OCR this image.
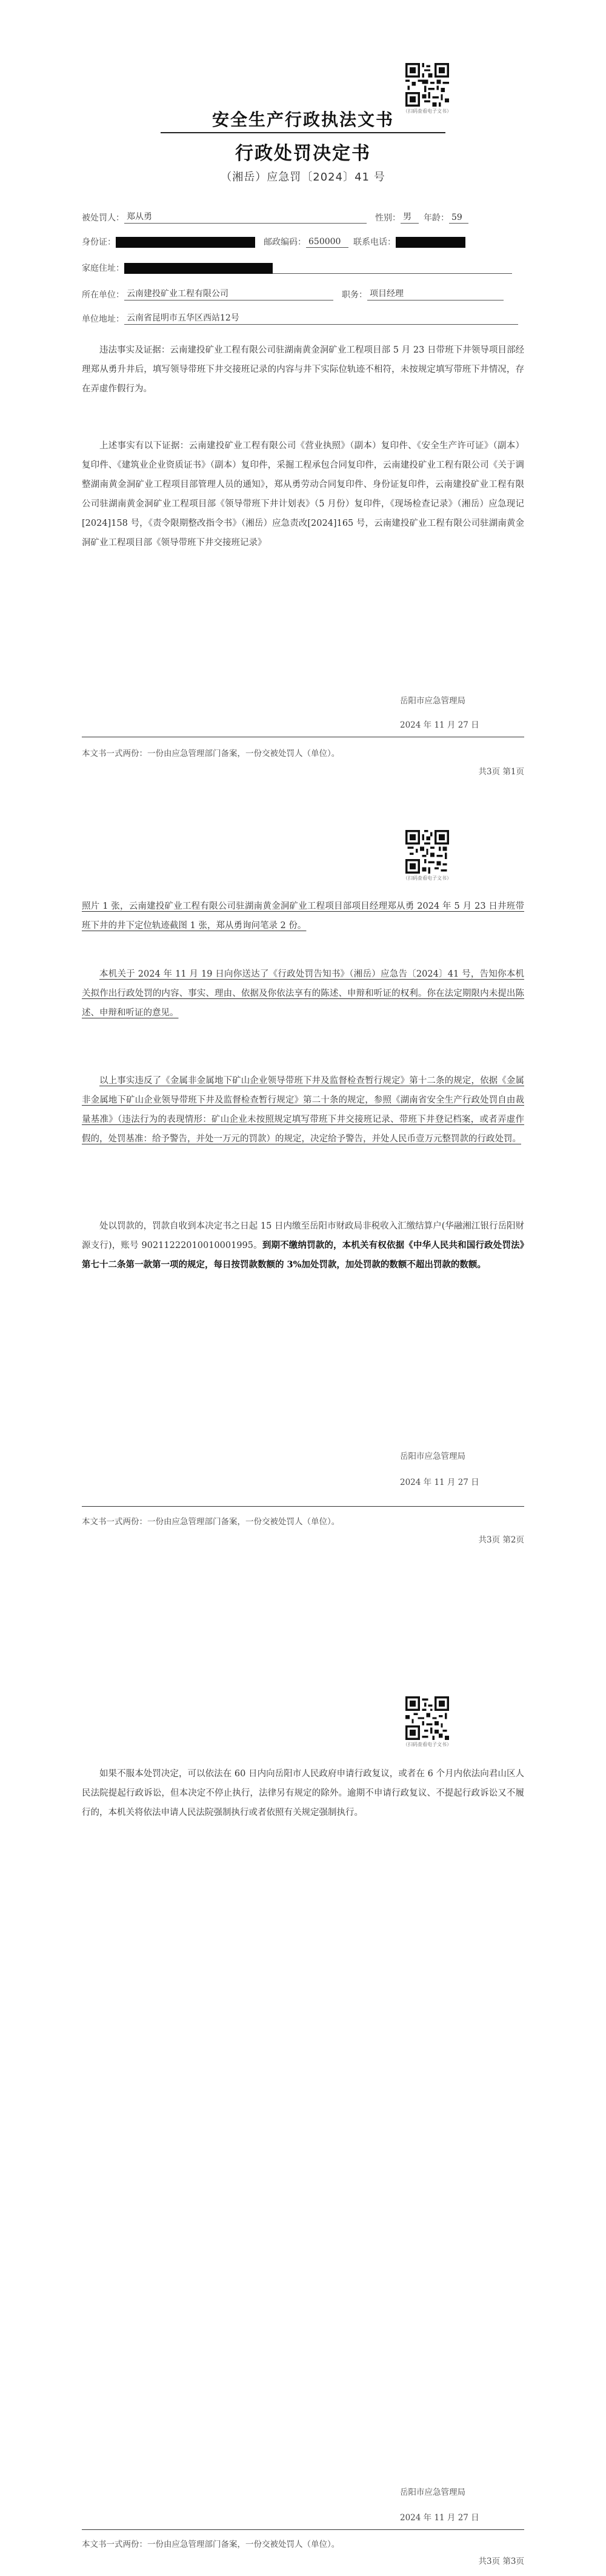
（扫码查看电子文书）
安全生产行政执法文书
行政处罚决定书
（湘岳）应急罚〔2024〕41 号
被处罚人： 郑从勇	性别： 男	年龄： 59
身份证：	邮政编码： 650000	联系电话：
家庭住址：
所在单位： 云南建投矿业工程有限公司	职务： 项目经理
单位地址： 云南省昆明市五华区西站12号

违法事实及证据：云南建投矿业工程有限公司驻湖南黄金洞矿业工程项目部 5 月 23 日带班下井领导项目部经理郑从勇升井后，填写领导带班下井交接班记录的内容与井下实际位轨迹不相符，未按规定填写带班下井情况，存在弄虚作假行为。

上述事实有以下证据：云南建投矿业工程有限公司《营业执照》（副本）复印件、《安全生产许可证》（副本）复印件、《建筑业企业资质证书》（副本）复印件，采掘工程承包合同复印件，云南建投矿业工程有限公司《关于调整湖南黄金洞矿业工程项目部管理人员的通知》，郑从勇劳动合同复印件、身份证复印件，云南建投矿业工程有限公司驻湖南黄金洞矿业工程项目部《领导带班下井计划表》（5 月份）复印件，《现场检查记录》（湘岳）应急现记[2024]158 号，《责令限期整改指令书》（湘岳）应急责改[2024]165 号，云南建投矿业工程有限公司驻湖南黄金洞矿业工程项目部《领导带班下井交接班记录》

岳阳市应急管理局
2024 年 11 月 27 日
本文书一式两份：一份由应急管理部门备案，一份交被处罚人（单位）。
共3页 第1页
（扫码查看电子文书）

照片 1 张，云南建投矿业工程有限公司驻湖南黄金洞矿业工程项目部项目经理郑从勇 2024 年 5 月 23 日井班带班下井的井下定位轨迹截图 1 张，郑从勇询问笔录 2 份。

本机关于 2024 年 11 月 19 日向你送达了《行政处罚告知书》（湘岳）应急告〔2024〕41 号，告知你本机关拟作出行政处罚的内容、事实、理由、依据及你依法享有的陈述、申辩和听证的权利。你在法定期限内未提出陈述、申辩和听证的意见。

以上事实违反了《金属非金属地下矿山企业领导带班下井及监督检查暂行规定》第十二条的规定，依据《金属非金属地下矿山企业领导带班下井及监督检查暂行规定》第二十条的规定，参照《湖南省安全生产行政处罚自由裁量基准》（违法行为的表现情形：矿山企业未按照规定填写带班下井交接班记录、带班下井登记档案，或者弄虚作假的，处罚基准：给予警告，并处一万元的罚款）的规定，决定给予警告，并处人民币壹万元整罚款的行政处罚。

处以罚款的，罚款自收到本决定书之日起 15 日内缴至岳阳市财政局非税收入汇缴结算户(华融湘江银行岳阳财源支行)，账号 90211222010010001995。到期不缴纳罚款的，本机关有权依据《中华人民共和国行政处罚法》第七十二条第一款第一项的规定，每日按罚款数额的 3%加处罚款，加处罚款的数额不超出罚款的数额。

岳阳市应急管理局
2024 年 11 月 27 日
本文书一式两份：一份由应急管理部门备案，一份交被处罚人（单位）。
共3页 第2页
（扫码查看电子文书）

如果不服本处罚决定，可以依法在 60 日内向岳阳市人民政府申请行政复议，或者在 6 个月内依法向君山区人民法院提起行政诉讼，但本决定不停止执行，法律另有规定的除外。逾期不申请行政复议、不提起行政诉讼又不履行的，本机关将依法申请人民法院强制执行或者依照有关规定强制执行。

岳阳市应急管理局
2024 年 11 月 27 日
本文书一式两份：一份由应急管理部门备案，一份交被处罚人（单位）。
共3页 第3页
